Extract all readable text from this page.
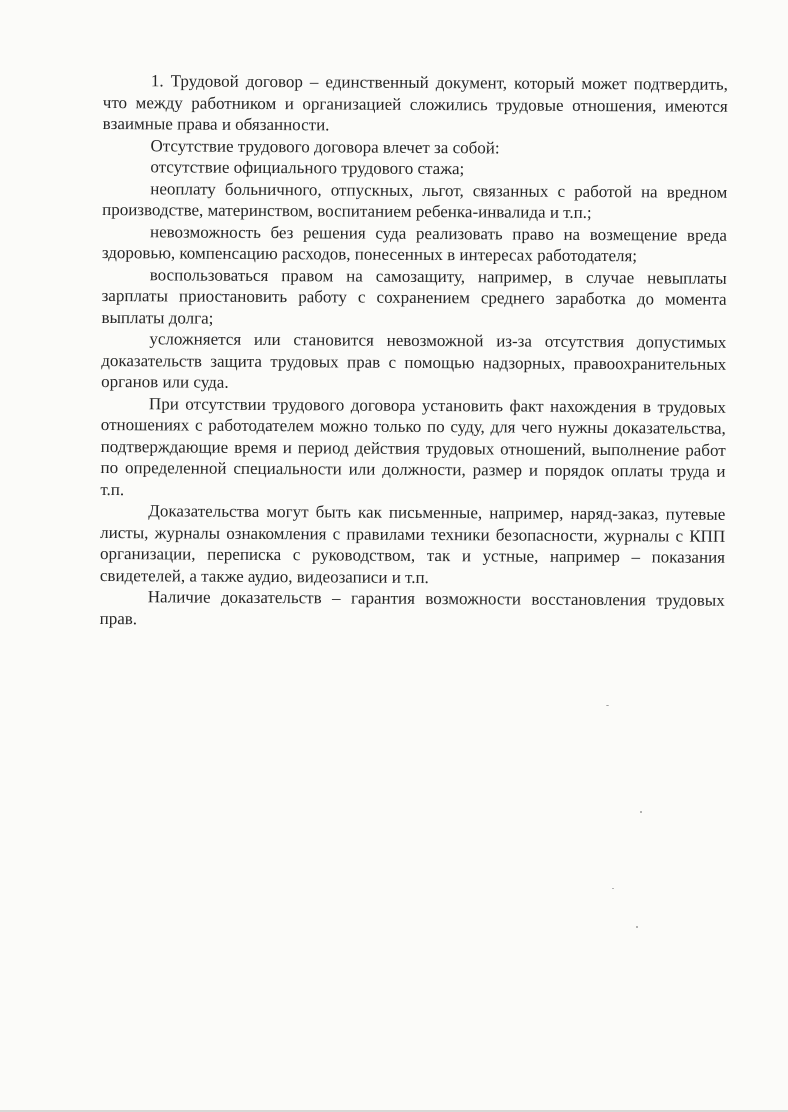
1. Трудовой договор – единственный документ, который может подтвердить, что между работником и организацией сложились трудовые отношения, имеются взаимные права и обязанности.

Отсутствие трудового договора влечет за собой:

отсутствие официального трудового стажа;

неоплату больничного, отпускных, льгот, связанных с работой на вредном производстве, материнством, воспитанием ребенка-инвалида и т.п.;

невозможность без решения суда реализовать право на возмещение вреда здоровью, компенсацию расходов, понесенных в интересах работодателя;

воспользоваться правом на самозащиту, например, в случае невыплаты зарплаты приостановить работу с сохранением среднего заработка до момента выплаты долга;

усложняется или становится невозможной из-за отсутствия допустимых доказательств защита трудовых прав с помощью надзорных, правоохранительных органов или суда.

При отсутствии трудового договора установить факт нахождения в трудовых отношениях с работодателем можно только по суду, для чего нужны доказательства, подтверждающие время и период действия трудовых отношений, выполнение работ по определенной специальности или должности, размер и порядок оплаты труда и т.п.

Доказательства могут быть как письменные, например, наряд-заказ, путевые листы, журналы ознакомления с правилами техники безопасности, журналы с КПП организации, переписка с руководством, так и устные, например – показания свидетелей, а также аудио, видеозаписи и т.п.

Наличие доказательств – гарантия возможности восстановления трудовых прав.
